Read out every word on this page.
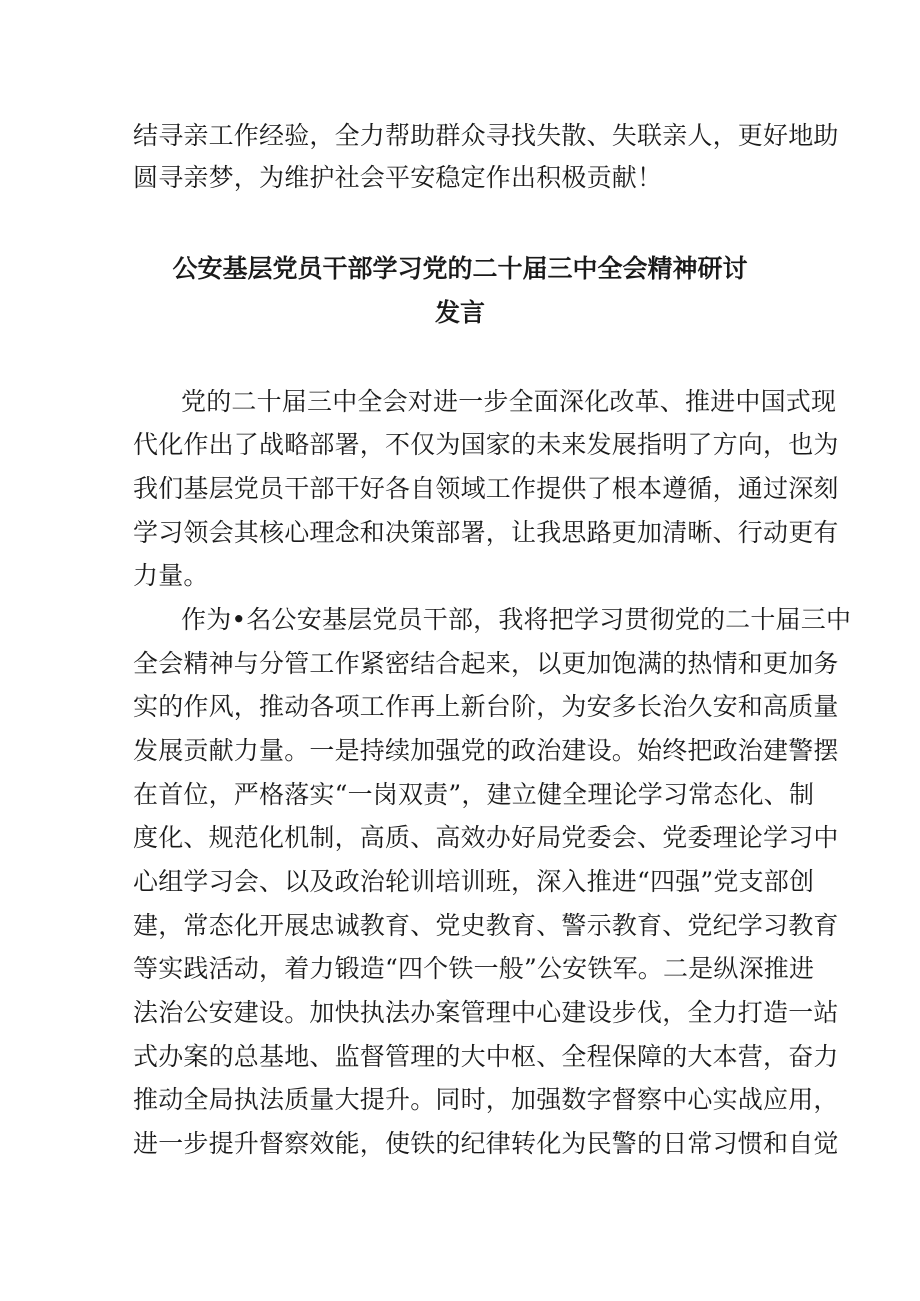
结寻亲工作经验，全力帮助群众寻找失散、失联亲人，更好地助
圆寻亲梦，为维护社会平安稳定作出积极贡献！
公安基层党员干部学习党的二十届三中全会精神研讨
发言
党的二十届三中全会对进一步全面深化改革、推进中国式现
代化作出了战略部署，不仅为国家的未来发展指明了方向，也为
我们基层党员干部干好各自领域工作提供了根本遵循，通过深刻
学习领会其核心理念和决策部署，让我思路更加清晰、行动更有
力量。
作为•名公安基层党员干部，我将把学习贯彻党的二十届三中
全会精神与分管工作紧密结合起来，以更加饱满的热情和更加务
实的作风，推动各项工作再上新台阶，为安多长治久安和高质量
发展贡献力量。一是持续加强党的政治建设。始终把政治建警摆
在首位，严格落实“一岗双责”，建立健全理论学习常态化、制
度化、规范化机制，高质、高效办好局党委会、党委理论学习中
心组学习会、以及政治轮训培训班，深入推进“四强”党支部创
建，常态化开展忠诚教育、党史教育、警示教育、党纪学习教育
等实践活动，着力锻造“四个铁一般”公安铁军。二是纵深推进
法治公安建设。加快执法办案管理中心建设步伐，全力打造一站
式办案的总基地、监督管理的大中枢、全程保障的大本营，奋力
推动全局执法质量大提升。同时，加强数字督察中心实战应用，
进一步提升督察效能，使铁的纪律转化为民警的日常习惯和自觉
